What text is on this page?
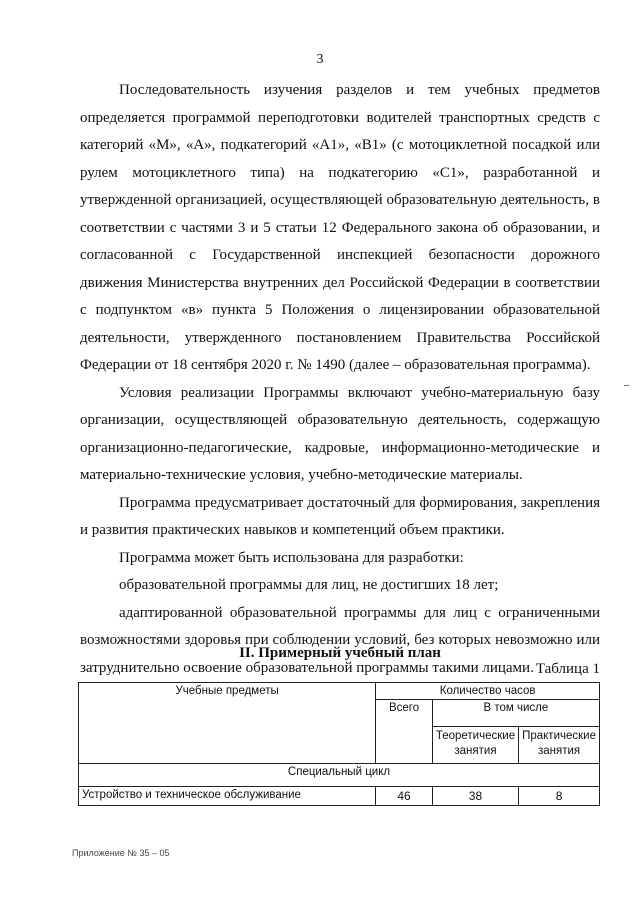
3

Последовательность изучения разделов и тем учебных предметов определяется программой переподготовки водителей транспортных средств с категорий «М», «А», подкатегорий «А1», «В1» (с мотоциклетной посадкой или рулем мотоциклетного типа) на подкатегорию «С1», разработанной и утвержденной организацией, осуществляющей образовательную деятельность, в соответствии с частями 3 и 5 статьи 12 Федерального закона об образовании, и согласованной с Государственной инспекцией безопасности дорожного движения Министерства внутренних дел Российской Федерации в соответствии с подпунктом «в» пункта 5 Положения о лицензировании образовательной деятельности, утвержденного постановлением Правительства Российской Федерации от 18 сентября 2020 г. № 1490 (далее – образовательная программа).

Условия реализации Программы включают учебно-материальную базу организации, осуществляющей образовательную деятельность, содержащую организационно-педагогические, кадровые, информационно-методические и материально-технические условия, учебно-методические материалы.

Программа предусматривает достаточный для формирования, закрепления и развития практических навыков и компетенций объем практики.

Программа может быть использована для разработки:

образовательной программы для лиц, не достигших 18 лет;

адаптированной образовательной программы для лиц с ограниченными возможностями здоровья при соблюдении условий, без которых невозможно или затруднительно освоение образовательной программы такими лицами.

II. Примерный учебный план
Таблица 1
Учебные предметы	Количество часов		
	Всего	В том числе	
		Теоретические занятия	Практические занятия
Специальный цикл			
Устройство и техническое обслуживание	46	38	8
Приложение № 35 – 05
